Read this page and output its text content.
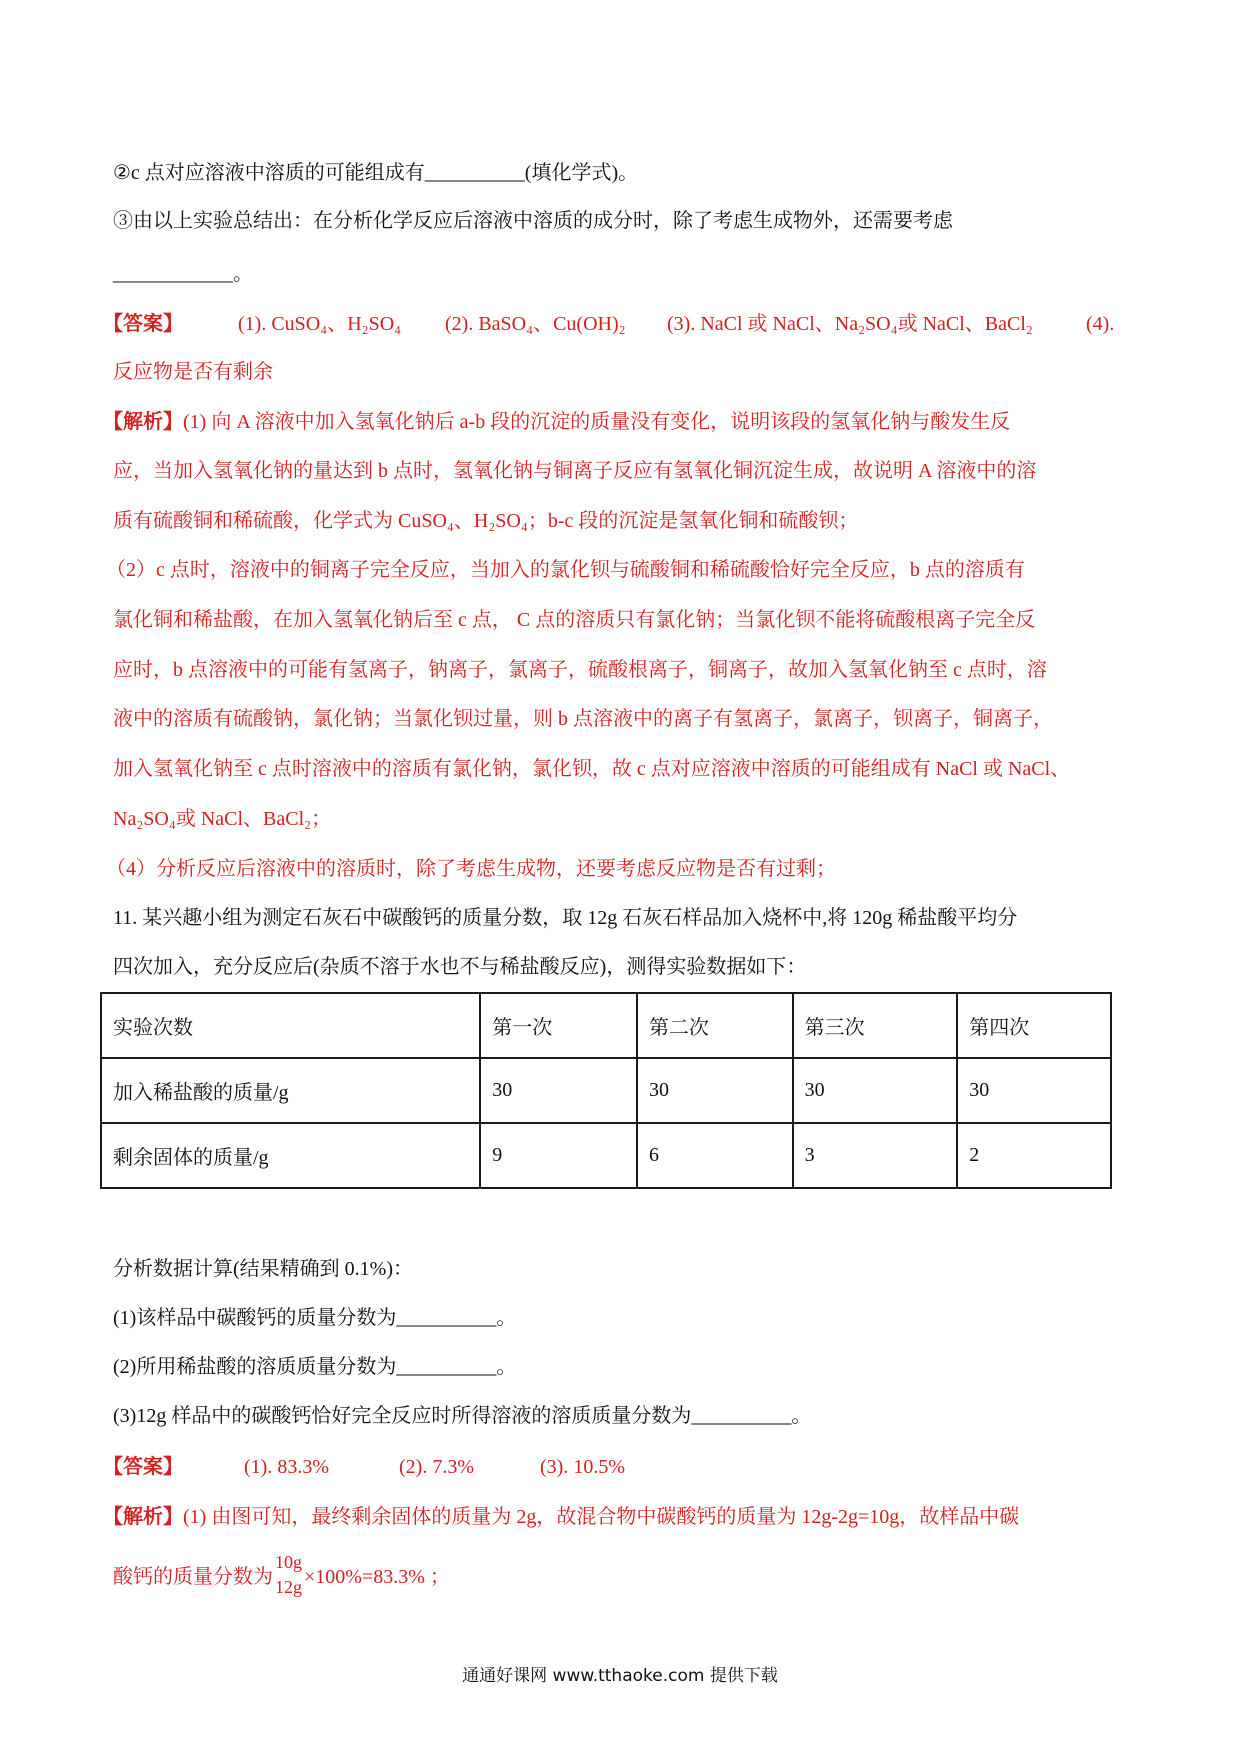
②c 点对应溶液中溶质的可能组成有__________(填化学式)。
③由以上实验总结出：在分析化学反应后溶液中溶质的成分时，除了考虑生成物外，还需要考虑
____________。
【答案】	(1). CuSO₄、H₂SO₄ (2). BaSO₄、Cu(OH)₂ (3). NaCl 或 NaCl、Na₂SO₄或 NaCl、BaCl₂	(4).
反应物是否有剩余
【解析】(1) 向 A 溶液中加入氢氧化钠后 a-b 段的沉淀的质量没有变化，说明该段的氢氧化钠与酸发生反
应，当加入氢氧化钠的量达到 b 点时，氢氧化钠与铜离子反应有氢氧化铜沉淀生成，故说明 A 溶液中的溶
质有硫酸铜和稀硫酸，化学式为 CuSO₄、H₂SO₄；b-c 段的沉淀是氢氧化铜和硫酸钡；
（2）c 点时，溶液中的铜离子完全反应，当加入的氯化钡与硫酸铜和稀硫酸恰好完全反应，b 点的溶质有
氯化铜和稀盐酸，在加入氢氧化钠后至 c 点， C 点的溶质只有氯化钠；当氯化钡不能将硫酸根离子完全反
应时，b 点溶液中的可能有氢离子，钠离子，氯离子，硫酸根离子，铜离子，故加入氢氧化钠至 c 点时，溶
液中的溶质有硫酸钠，氯化钠；当氯化钡过量，则 b 点溶液中的离子有氢离子，氯离子，钡离子，铜离子，
加入氢氧化钠至 c 点时溶液中的溶质有氯化钠，氯化钡，故 c 点对应溶液中溶质的可能组成有 NaCl 或 NaCl、
Na₂SO₄或 NaCl、BaCl₂；
（4）分析反应后溶液中的溶质时，除了考虑生成物，还要考虑反应物是否有过剩；
11. 某兴趣小组为测定石灰石中碳酸钙的质量分数，取 12g 石灰石样品加入烧杯中,将 120g 稀盐酸平均分
四次加入，充分反应后(杂质不溶于水也不与稀盐酸反应)，测得实验数据如下：
实验次数	第一次	第二次	第三次	第四次
加入稀盐酸的质量/g	30	30	30	30
剩余固体的质量/g	9	6	3	2
分析数据计算(结果精确到 0.1%)：
(1)该样品中碳酸钙的质量分数为__________。
(2)所用稀盐酸的溶质质量分数为__________。
(3)12g 样品中的碳酸钙恰好完全反应时所得溶液的溶质质量分数为__________。
【答案】	(1). 83.3%	(2). 7.3%	(3). 10.5%
【解析】(1) 由图可知，最终剩余固体的质量为 2g，故混合物中碳酸钙的质量为 12g-2g=10g，故样品中碳
酸钙的质量分数为 $\frac{10g}{12g} \times 100\%=83.3\%$ ；
通通好课网 www.tthaoke.com 提供下载
